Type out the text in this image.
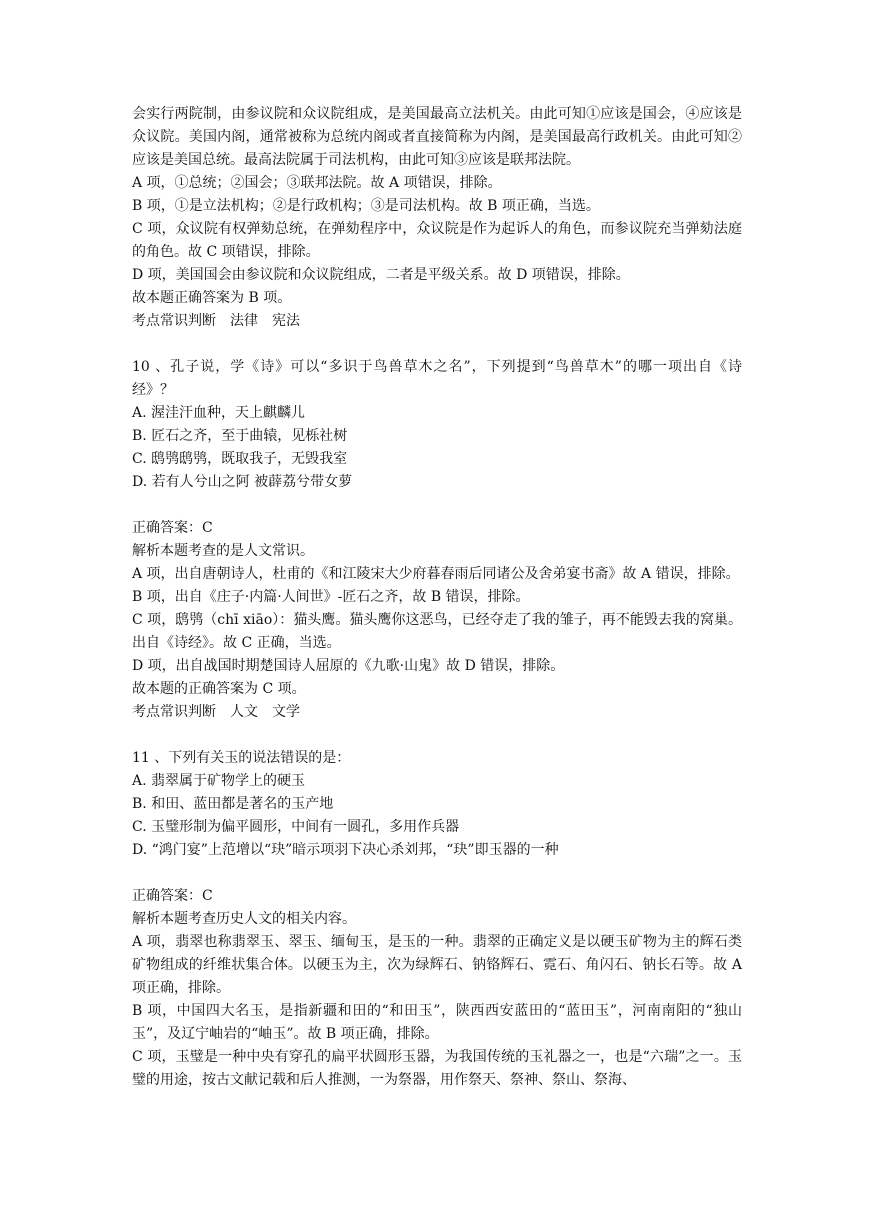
会实行两院制，由参议院和众议院组成，是美国最高立法机关。由此可知①应该是国会，④应该是众议院。美国内阁，通常被称为总统内阁或者直接简称为内阁，是美国最高行政机关。由此可知②应该是美国总统。最高法院属于司法机构，由此可知③应该是联邦法院。
A 项，①总统；②国会；③联邦法院。故 A 项错误，排除。
B 项，①是立法机构；②是行政机构；③是司法机构。故 B 项正确，当选。
C 项，众议院有权弹劾总统，在弹劾程序中，众议院是作为起诉人的角色，而参议院充当弹劾法庭的角色。故 C 项错误，排除。
D 项，美国国会由参议院和众议院组成，二者是平级关系。故 D 项错误，排除。
故本题正确答案为 B 项。
考点常识判断　法律　宪法
10 、孔子说，学《诗》可以“多识于鸟兽草木之名”，下列提到“鸟兽草木”的哪一项出自《诗经》？
A. 渥洼汗血种，天上麒麟儿
B. 匠石之齐，至于曲辕，见栎社树
C. 鸱鸮鸱鸮，既取我子，无毁我室
D. 若有人兮山之阿 被薜荔兮带女萝
正确答案：C
解析本题考查的是人文常识。
A 项，出自唐朝诗人，杜甫的《和江陵宋大少府暮春雨后同诸公及舍弟宴书斋》故 A 错误，排除。
B 项，出自《庄子·内篇·人间世》-匠石之齐，故 B 错误，排除。
C 项，鸱鸮（chī xiāo）：猫头鹰。猫头鹰你这恶鸟，已经夺走了我的雏子，再不能毁去我的窝巢。出自《诗经》。故 C 正确，当选。
D 项，出自战国时期楚国诗人屈原的《九歌·山鬼》故 D 错误，排除。
故本题的正确答案为 C 项。
考点常识判断　人文　文学
11 、下列有关玉的说法错误的是：
A. 翡翠属于矿物学上的硬玉
B. 和田、蓝田都是著名的玉产地
C. 玉璧形制为偏平圆形，中间有一圆孔，多用作兵器
D. “鸿门宴”上范增以“玦”暗示项羽下决心杀刘邦，“玦”即玉器的一种
正确答案：C
解析本题考查历史人文的相关内容。
A 项，翡翠也称翡翠玉、翠玉、缅甸玉，是玉的一种。翡翠的正确定义是以硬玉矿物为主的辉石类矿物组成的纤维状集合体。以硬玉为主，次为绿辉石、钠铬辉石、霓石、角闪石、钠长石等。故 A 项正确，排除。
B 项，中国四大名玉，是指新疆和田的“和田玉”，陕西西安蓝田的“蓝田玉”，河南南阳的“独山玉”，及辽宁岫岩的“岫玉”。故 B 项正确，排除。
C 项，玉璧是一种中央有穿孔的扁平状圆形玉器，为我国传统的玉礼器之一，也是“六瑞”之一。玉璧的用途，按古文献记载和后人推测，一为祭器，用作祭天、祭神、祭山、祭海、
